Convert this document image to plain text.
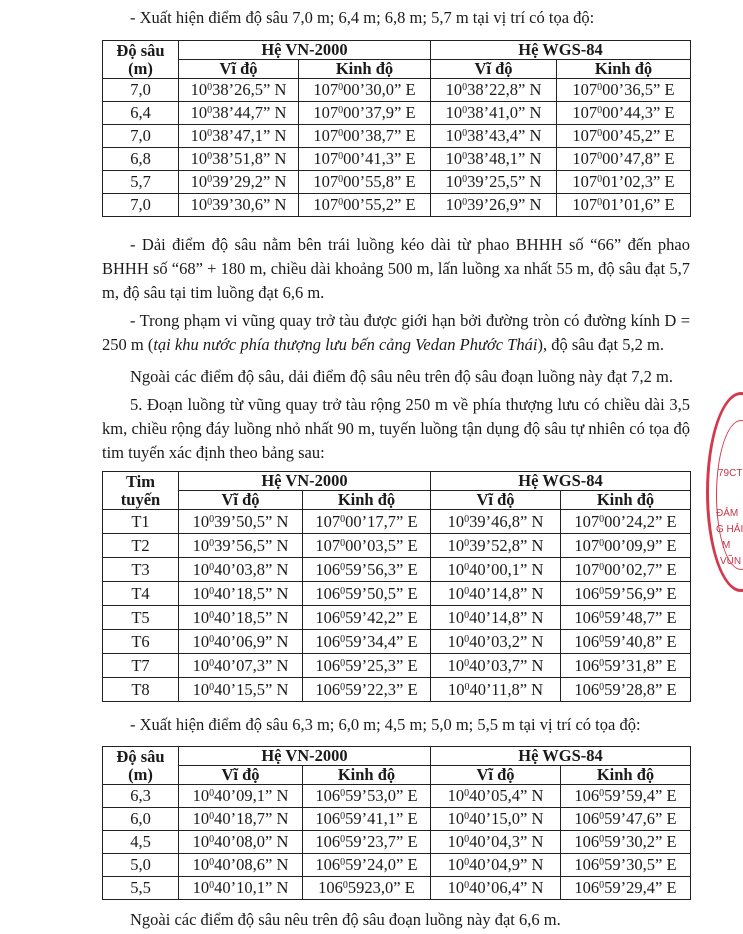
- Xuất hiện điểm độ sâu 7,0 m; 6,4 m; 6,8 m; 5,7 m tại vị trí có tọa độ:

Độ sâu
(m)	Hệ VN-2000		Hệ WGS-84	
	Vĩ độ	Kinh độ	Vĩ độ	Kinh độ
7,0	$10^038’26,5$” N	$107^000’30,0$” E	$10^038’22,8$” N	$107^000’36,5$” E
6,4	$10^038’44,7$” N	$107^000’37,9$” E	$10^038’41,0$” N	$107^000’44,3$” E
7,0	$10^038’47,1$” N	$107^000’38,7$” E	$10^038’43,4$” N	$107^000’45,2$” E
6,8	$10^038’51,8$” N	$107^000’41,3$” E	$10^038’48,1$” N	$107^000’47,8$” E
5,7	$10^039’29,2$” N	$107^000’55,8$” E	$10^039’25,5$” N	$107^001’02,3$” E
7,0	$10^039’30,6$” N	$107^000’55,2$” E	$10^039’26,9$” N	$107^001’01,6$” E

- Dải điểm độ sâu nằm bên trái luồng kéo dài từ phao BHHH số “66” đến phao BHHH số “68” + 180 m, chiều dài khoảng 500 m, lấn luồng xa nhất 55 m, độ sâu đạt 5,7 m, độ sâu tại tim luồng đạt 6,6 m.

- Trong phạm vi vũng quay trở tàu được giới hạn bởi đường tròn có đường kính D = 250 m (tại khu nước phía thượng lưu bến cảng Vedan Phước Thái), độ sâu đạt 5,2 m.

Ngoài các điểm độ sâu, dải điểm độ sâu nêu trên độ sâu đoạn luồng này đạt 7,2 m.

5. Đoạn luồng từ vũng quay trở tàu rộng 250 m về phía thượng lưu có chiều dài 3,5 km, chiều rộng đáy luồng nhỏ nhất 90 m, tuyến luồng tận dụng độ sâu tự nhiên có tọa độ tim tuyến xác định theo bảng sau:

Tim
tuyến	Hệ VN-2000		Hệ WGS-84	
	Vĩ độ	Kinh độ	Vĩ độ	Kinh độ
T1	$10^039’50,5$” N	$107^000’17,7$” E	$10^039’46,8$” N	$107^000’24,2$” E
T2	$10^039’56,5$” N	$107^000’03,5$” E	$10^039’52,8$” N	$107^000’09,9$” E
T3	$10^040’03,8$” N	$106^059’56,3$” E	$10^040’00,1$” N	$107^000’02,7$” E
T4	$10^040’18,5$” N	$106^059’50,5$” E	$10^040’14,8$” N	$106^059’56,9$” E
T5	$10^040’18,5$” N	$106^059’42,2$” E	$10^040’14,8$” N	$106^059’48,7$” E
T6	$10^040’06,9$” N	$106^059’34,4$” E	$10^040’03,2$” N	$106^059’40,8$” E
T7	$10^040’07,3$” N	$106^059’25,3$” E	$10^040’03,7$” N	$106^059’31,8$” E
T8	$10^040’15,5$” N	$106^059’22,3$” E	$10^040’11,8$” N	$106^059’28,8$” E

- Xuất hiện điểm độ sâu 6,3 m; 6,0 m; 4,5 m; 5,0 m; 5,5 m tại vị trí có tọa độ:

Độ sâu
(m)	Hệ VN-2000		Hệ WGS-84	
	Vĩ độ	Kinh độ	Vĩ độ	Kinh độ
6,3	$10^040’09,1$” N	$106^059’53,0$” E	$10^040’05,4$” N	$106^059’59,4$” E
6,0	$10^040’18,7$” N	$106^059’41,1$” E	$10^040’15,0$” N	$106^059’47,6$” E
4,5	$10^040’08,0$” N	$106^059’23,7$” E	$10^040’04,3$” N	$106^059’30,2$” E
5,0	$10^040’08,6$” N	$106^059’24,0$” E	$10^040’04,9$” N	$106^059’30,5$” E
5,5	$10^040’10,1$” N	$106^05923,0$” E	$10^040’06,4$” N	$106^059’29,4$” E

Ngoài các điểm độ sâu nêu trên độ sâu đoạn luồng này đạt 6,6 m.

79CT
ĐẢM
G HẢI
M
VŨN
